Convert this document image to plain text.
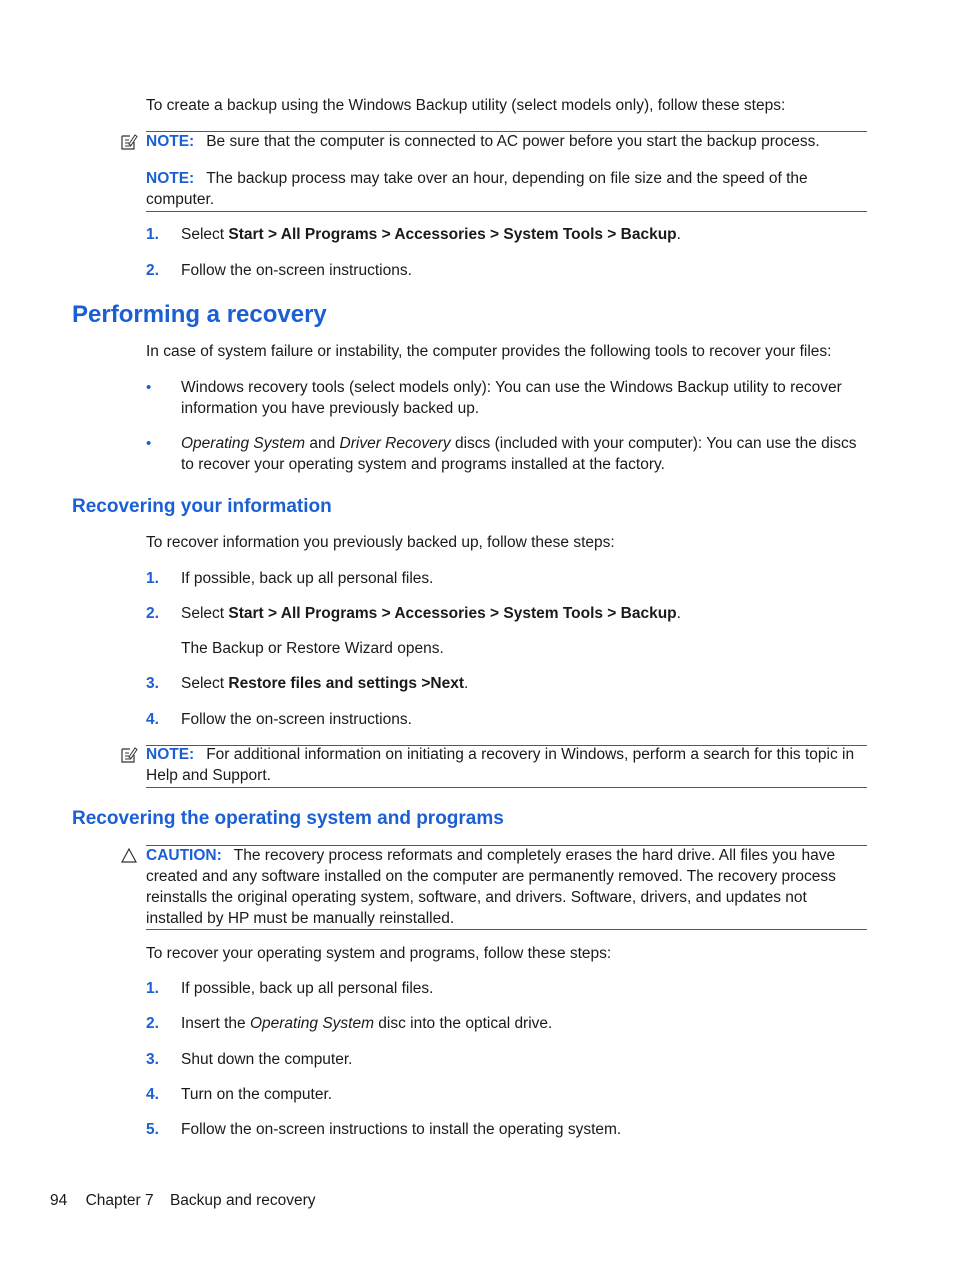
To create a backup using the Windows Backup utility (select models only), follow these steps:
NOTE: Be sure that the computer is connected to AC power before you start the backup process.
NOTE: The backup process may take over an hour, depending on file size and the speed of the computer.
1. Select Start > All Programs > Accessories > System Tools > Backup.
2. Follow the on-screen instructions.
Performing a recovery
In case of system failure or instability, the computer provides the following tools to recover your files:
• Windows recovery tools (select models only): You can use the Windows Backup utility to recover information you have previously backed up.
• Operating System and Driver Recovery discs (included with your computer): You can use the discs to recover your operating system and programs installed at the factory.
Recovering your information
To recover information you previously backed up, follow these steps:
1. If possible, back up all personal files.
2. Select Start > All Programs > Accessories > System Tools > Backup.
The Backup or Restore Wizard opens.
3. Select Restore files and settings >Next.
4. Follow the on-screen instructions.
NOTE: For additional information on initiating a recovery in Windows, perform a search for this topic in Help and Support.
Recovering the operating system and programs
CAUTION: The recovery process reformats and completely erases the hard drive. All files you have created and any software installed on the computer are permanently removed. The recovery process reinstalls the original operating system, software, and drivers. Software, drivers, and updates not installed by HP must be manually reinstalled.
To recover your operating system and programs, follow these steps:
1. If possible, back up all personal files.
2. Insert the Operating System disc into the optical drive.
3. Shut down the computer.
4. Turn on the computer.
5. Follow the on-screen instructions to install the operating system.
94 Chapter 7 Backup and recovery
